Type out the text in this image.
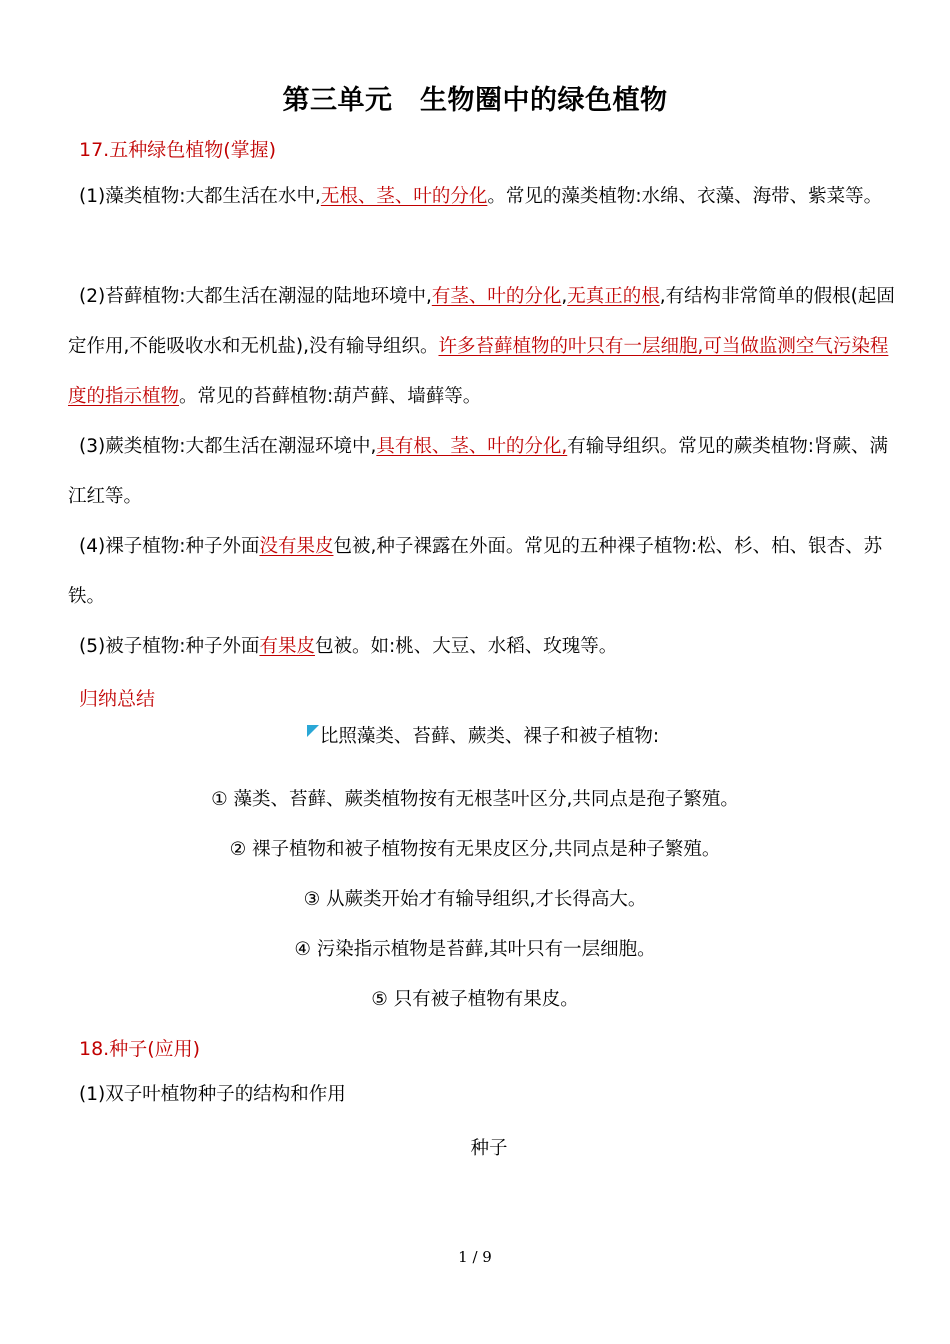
第三单元　生物圈中的绿色植物
17.五种绿色植物(掌握)
(1)藻类植物:大都生活在水中,无根、茎、叶的分化。常见的藻类植物:水绵、衣藻、海带、紫菜等。
(2)苔藓植物:大都生活在潮湿的陆地环境中,有茎、叶的分化,无真正的根,有结构非常简单的假根(起固定作用,不能吸收水和无机盐),没有输导组织。许多苔藓植物的叶只有一层细胞,可当做监测空气污染程度的指示植物。常见的苔藓植物:葫芦藓、墙藓等。
(3)蕨类植物:大都生活在潮湿环境中,具有根、茎、叶的分化,有输导组织。常见的蕨类植物:肾蕨、满江红等。
(4)裸子植物:种子外面没有果皮包被,种子裸露在外面。常见的五种裸子植物:松、杉、柏、银杏、苏铁。
(5)被子植物:种子外面有果皮包被。如:桃、大豆、水稻、玫瑰等。
归纳总结
比照藻类、苔藓、蕨类、裸子和被子植物:
① 藻类、苔藓、蕨类植物按有无根茎叶区分,共同点是孢子繁殖。
② 裸子植物和被子植物按有无果皮区分,共同点是种子繁殖。
③ 从蕨类开始才有输导组织,才长得高大。
④ 污染指示植物是苔藓,其叶只有一层细胞。
⑤ 只有被子植物有果皮。
18.种子(应用)
(1)双子叶植物种子的结构和作用
种子
1 / 9
